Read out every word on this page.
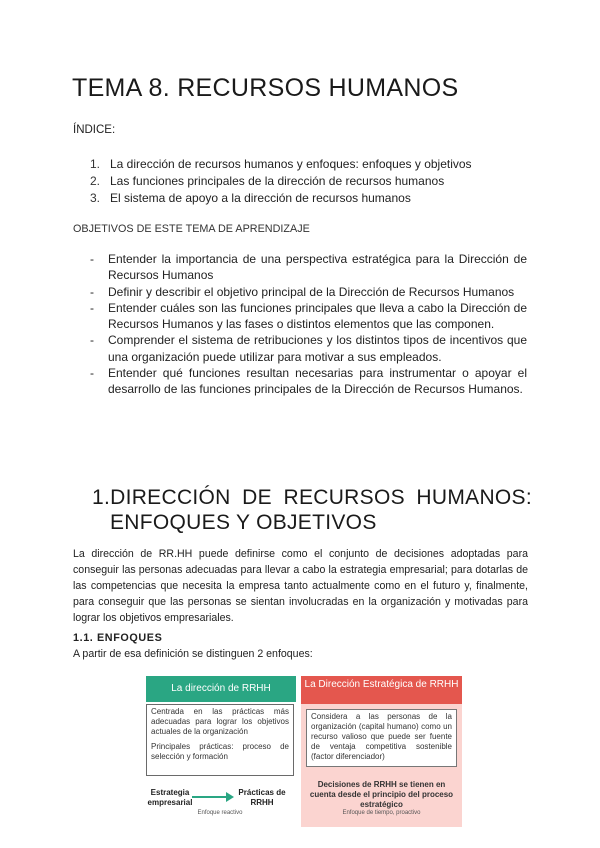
TEMA 8. RECURSOS HUMANOS
ÍNDICE:
1. La dirección de recursos humanos y enfoques: enfoques y objetivos
2. Las funciones principales de la dirección de recursos humanos
3. El sistema de apoyo a la dirección de recursos humanos
OBJETIVOS DE ESTE TEMA DE APRENDIZAJE
- Entender la importancia de una perspectiva estratégica para la Dirección de Recursos Humanos
- Definir y describir el objetivo principal de la Dirección de Recursos Humanos
- Entender cuáles son las funciones principales que lleva a cabo la Dirección de Recursos Humanos y las fases o distintos elementos que las componen.
- Comprender el sistema de retribuciones y los distintos tipos de incentivos que una organización puede utilizar para motivar a sus empleados.
- Entender qué funciones resultan necesarias para instrumentar o apoyar el desarrollo de las funciones principales de la Dirección de Recursos Humanos.
1.DIRECCIÓN DE RECURSOS HUMANOS:
ENFOQUES Y OBJETIVOS
La dirección de RR.HH puede definirse como el conjunto de decisiones adoptadas para conseguir las personas adecuadas para llevar a cabo la estrategia empresarial; para dotarlas de las competencias que necesita la empresa tanto actualmente como en el futuro y, finalmente, para conseguir que las personas se sientan involucradas en la organización y motivadas para lograr los objetivos empresariales.
1.1. ENFOQUES
A partir de esa definición se distinguen 2 enfoques:
La dirección de RRHH

Centrada en las prácticas más adecuadas para lograr los objetivos actuales de la organización

Principales prácticas: proceso de selección y formación

La Dirección Estratégica de RRHH
Considera a las personas de la organización (capital humano) como un recurso valioso que puede ser fuente de ventaja competitiva sostenible (factor diferenciador)
Decisiones de RRHH se tienen en cuenta desde el principio del proceso estratégico
Enfoque de tiempo, proactivo
Estrategia empresarial
Prácticas de RRHH
Enfoque reactivo
